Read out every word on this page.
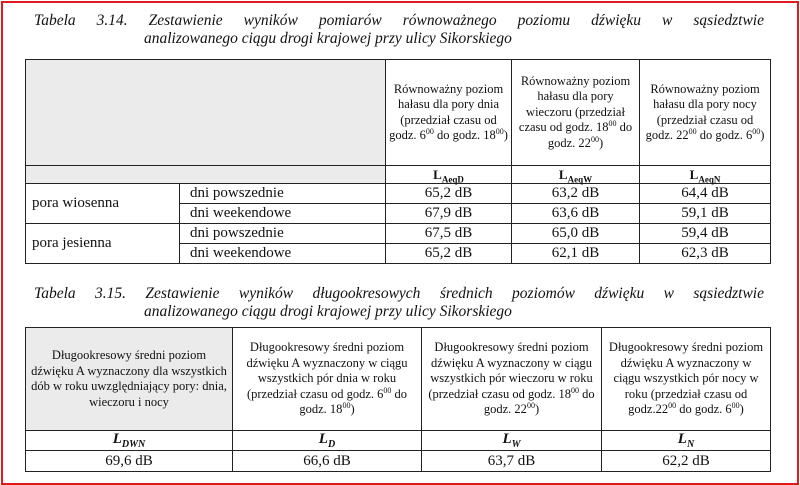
Tabela 3.14. Zestawienie wyników pomiarów równoważnego poziomu dźwięku w sąsiedztwie
analizowanego ciągu drogi krajowej przy ulicy Sikorskiego

		Równoważny poziom hałasu dla pory dnia (przedział czasu od godz. $6^{00}$ do godz. $18^{00}$)	Równoważny poziom hałasu dla pory wieczoru (przedział czasu od godz. $18^{00}$ do godz. $22^{00}$)	Równoważny poziom hałasu dla pory nocy (przedział czasu od godz. $22^{00}$ do godz. $6^{00}$)
		$L_{AeqD}$	$L_{AeqW}$	$L_{AeqN}$
pora wiosenna	dni powszednie	65,2 dB	63,2 dB	64,4 dB
	dni weekendowe	67,9 dB	63,6 dB	59,1 dB
pora jesienna	dni powszednie	67,5 dB	65,0 dB	59,4 dB
	dni weekendowe	65,2 dB	62,1 dB	62,3 dB

Tabela 3.15. Zestawienie wyników długookresowych średnich poziomów dźwięku w sąsiedztwie
analizowanego ciągu drogi krajowej przy ulicy Sikorskiego

Długookresowy średni poziom dźwięku A wyznaczony dla wszystkich dób w roku uwzględniający pory: dnia, wieczoru i nocy	Długookresowy średni poziom dźwięku A wyznaczony w ciągu wszystkich pór dnia w roku (przedział czasu od godz. $6^{00}$ do godz. $18^{00}$)	Długookresowy średni poziom dźwięku A wyznaczony w ciągu wszystkich pór wieczoru w roku (przedział czasu od godz. $18^{00}$ do godz. $22^{00}$)	Długookresowy średni poziom dźwięku A wyznaczony w ciągu wszystkich pór nocy w roku (przedział czasu od $godz.22^{00}$ do godz. $6^{00}$)
$L_{DWN}$	$L_D$	$L_W$	$L_N$
69,6 dB	66,6 dB	63,7 dB	62,2 dB
